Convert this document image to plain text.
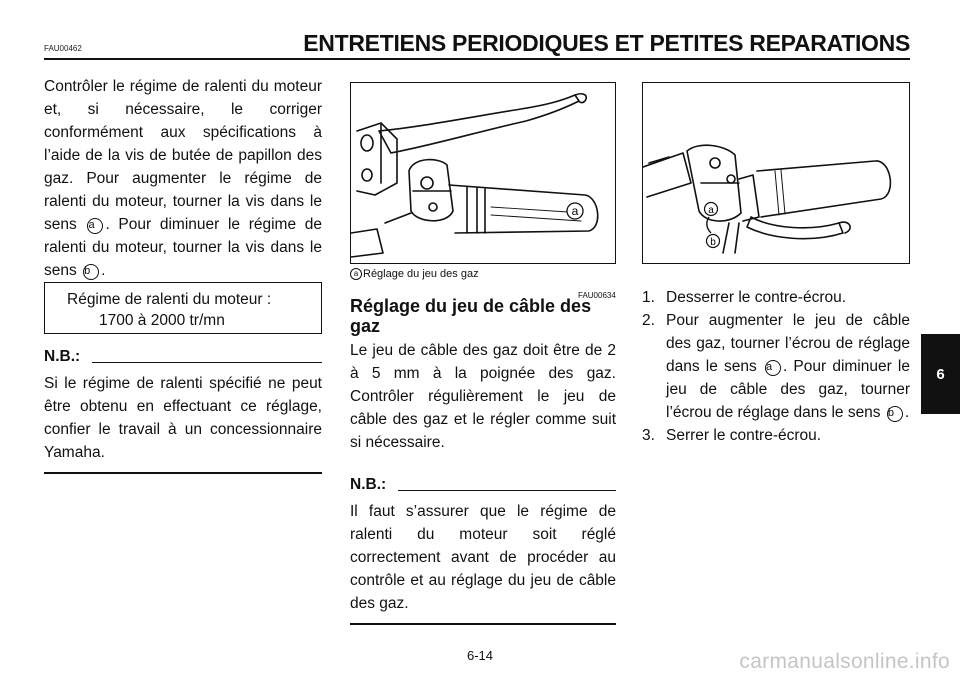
FAU00462	ENTRETIENS PERIODIQUES ET PETITES REPARATIONS
Contrôler le régime de ralenti du moteur et, si nécessaire, le corriger conformément aux spécifications à l’aide de la vis de butée de papillon des gaz. Pour augmenter le régime de ralenti du moteur, tourner la vis dans le sens a . Pour diminuer le régime de ralenti du moteur, tourner la vis dans le sens b .
Régime de ralenti du moteur :
1700 à 2000 tr/mn
N.B.:
Si le régime de ralenti spécifié ne peut être obtenu en effectuant ce réglage, confier le travail à un concessionnaire Yamaha.
a
a Réglage du jeu des gaz
FAU00634
Réglage du jeu de câble des gaz
Le jeu de câble des gaz doit être de 2 à 5 mm à la poignée des gaz. Contrôler régulièrement le jeu de câble des gaz et le régler comme suit si nécessaire.
N.B.:
Il faut s’assurer que le régime de ralenti du moteur soit réglé correctement avant de procéder au contrôle et au réglage du jeu de câble des gaz.
a
b
1. Desserrer le contre-écrou.
2. Pour augmenter le jeu de câble des gaz, tourner l’écrou de réglage dans le sens a . Pour diminuer le jeu de câble des gaz, tourner l’écrou de réglage dans le sens b .
3. Serrer le contre-écrou.
6
6-14	carmanualsonline.info
